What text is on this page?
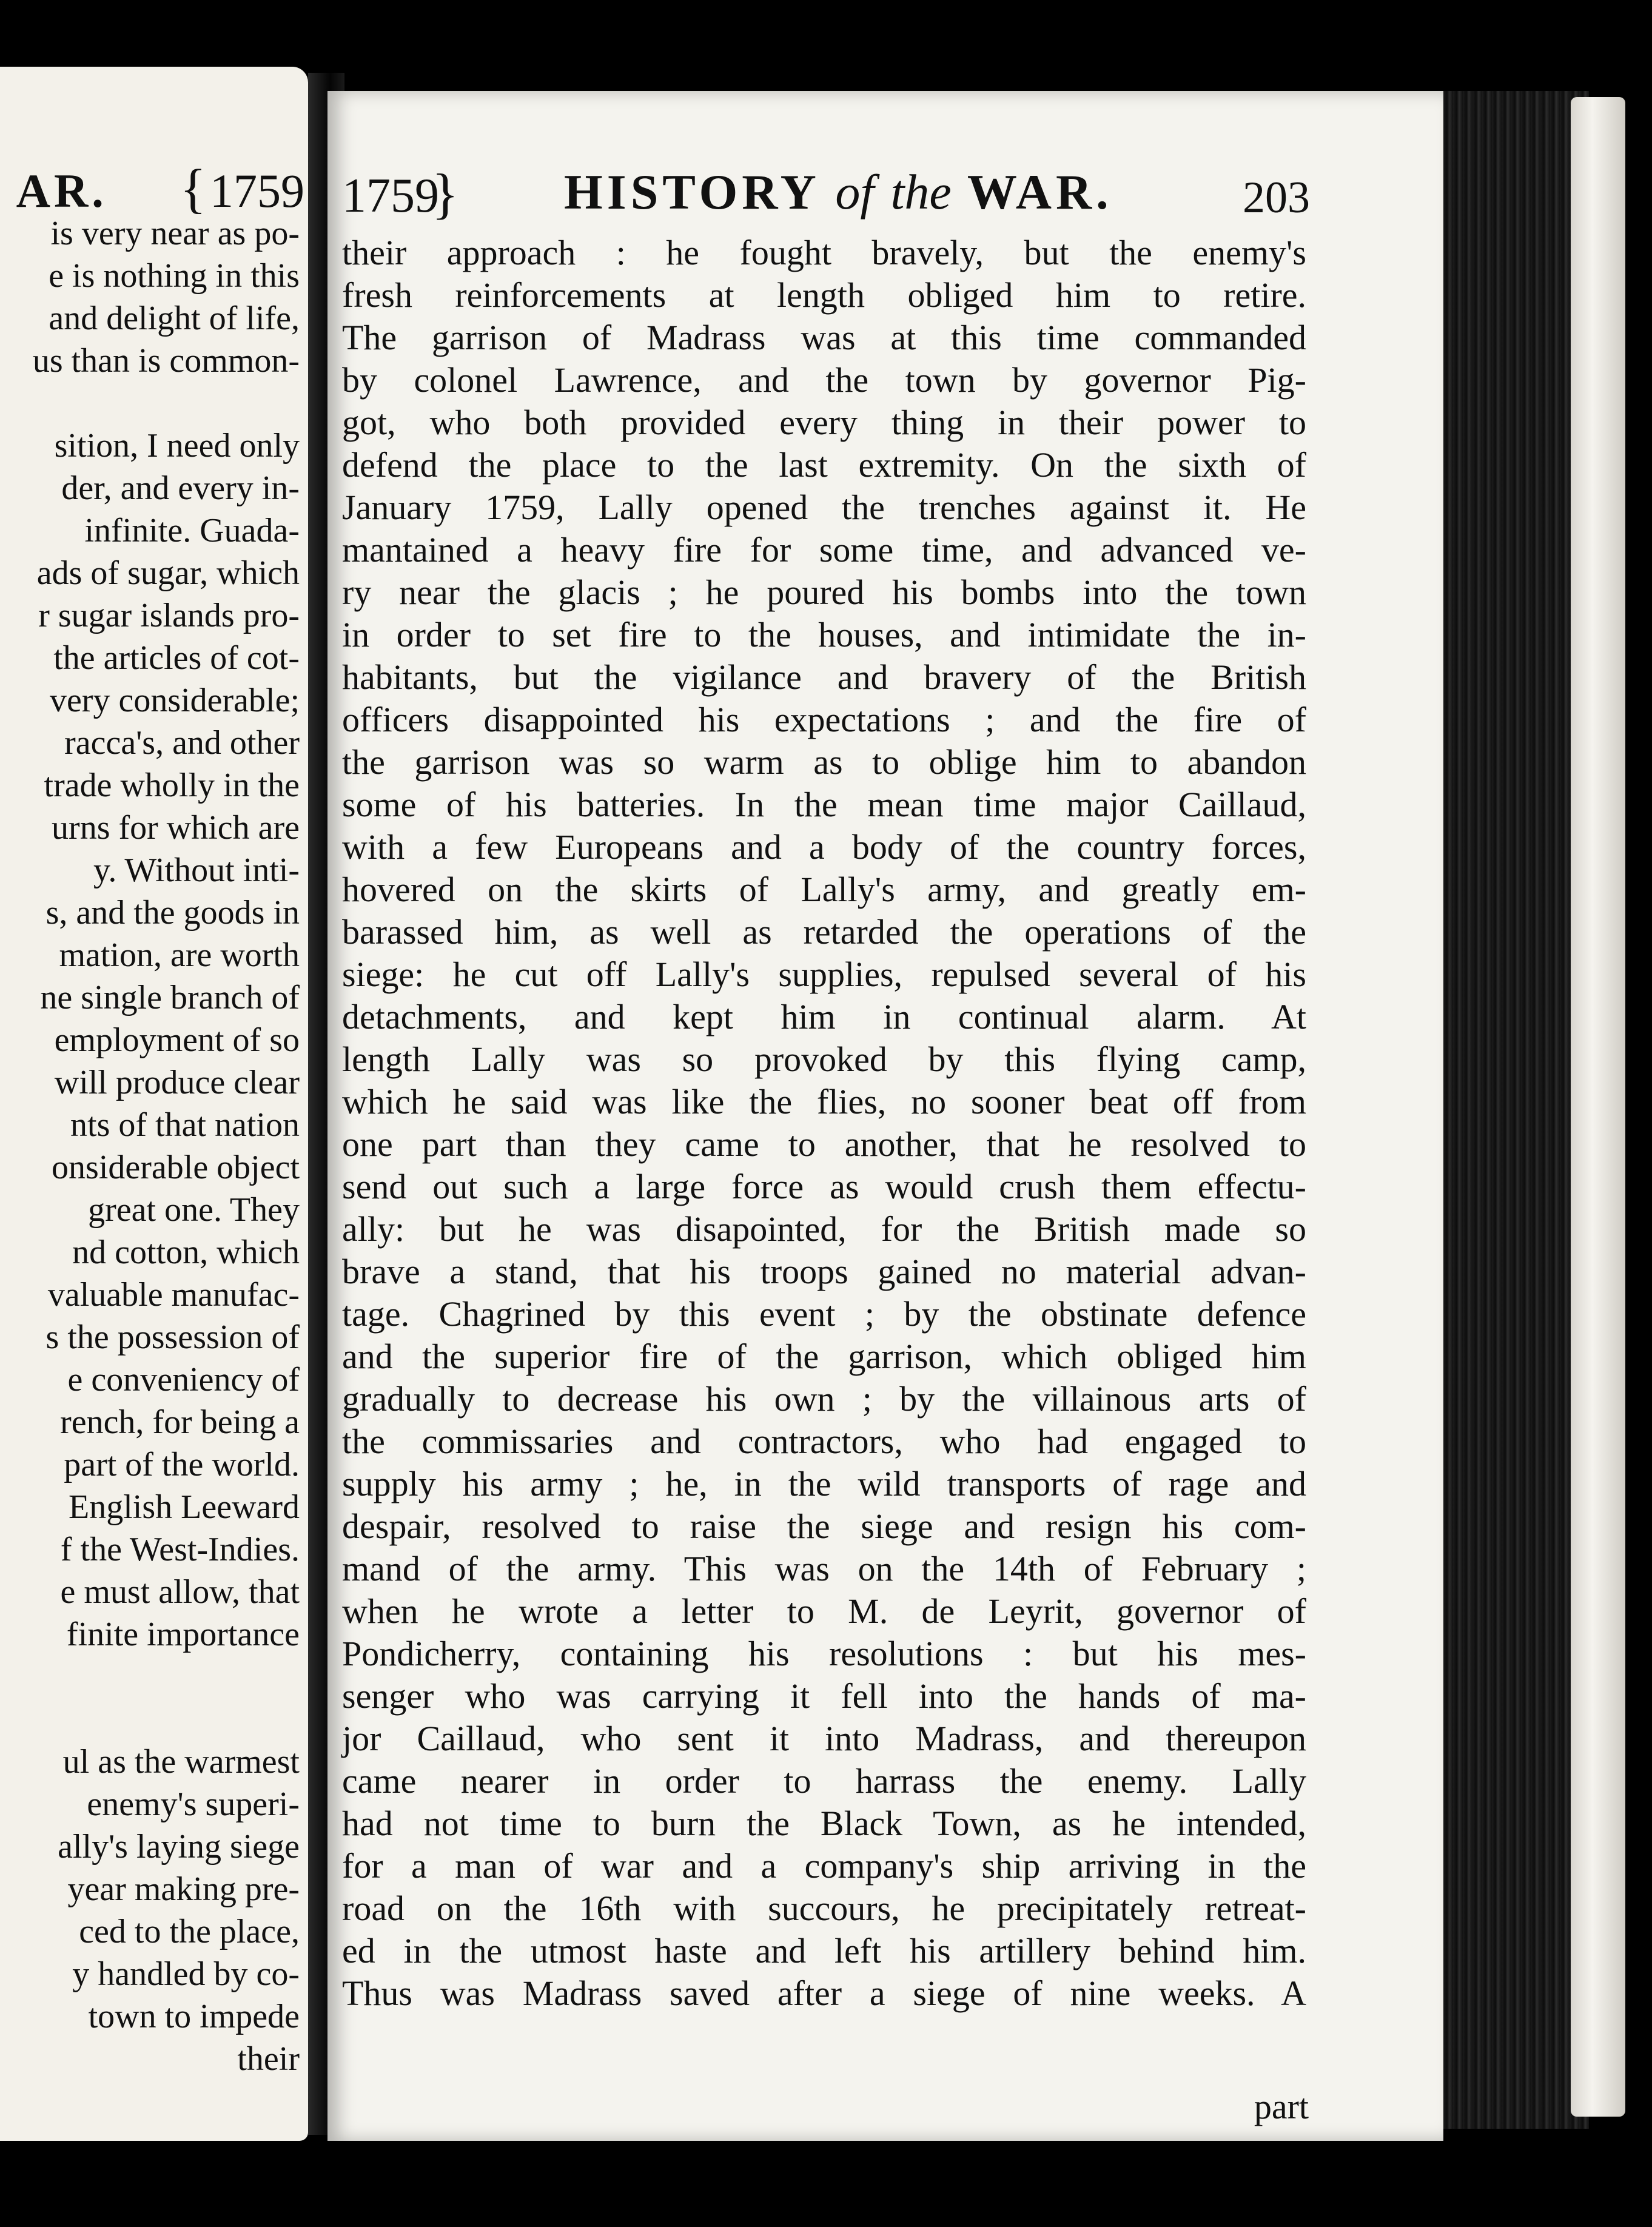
AR. {1759
is very near as po-
e is nothing in this
and delight of life,
us than is common-

sition, I need only
der, and every in-
infinite. Guada-
ads of sugar, which
r sugar islands pro-
the articles of cot-
very considerable;
racca's, and other
trade wholly in the
urns for which are
y. Without inti-
s, and the goods in
mation, are worth
ne single branch of
employment of so
will produce clear
nts of that nation
onsiderable object
great one. They
nd cotton, which
valuable manufac-
s the possession of
e conveniency of
rench, for being a
part of the world.
English Leeward
f the West-Indies.
e must allow, that
finite importance

ul as the warmest
enemy's superi-
ally's laying siege
year making pre-
ced to the place,
y handled by co-
town to impede
their
1759
} HISTORY of the WAR.	203
their approach : he fought bravely, but the enemy's
fresh reinforcements at length obliged him to retire.
The garrison of Madrass was at this time commanded
by colonel Lawrence, and the town by governor Pig-
got, who both provided every thing in their power to
defend the place to the last extremity. On the sixth of
January 1759, Lally opened the trenches against it. He
mantained a heavy fire for some time, and advanced ve-
ry near the glacis ; he poured his bombs into the town
in order to set fire to the houses, and intimidate the in-
habitants, but the vigilance and bravery of the British
officers disappointed his expectations ; and the fire of
the garrison was so warm as to oblige him to abandon
some of his batteries. In the mean time major Caillaud,
with a few Europeans and a body of the country forces,
hovered on the skirts of Lally's army, and greatly em-
barassed him, as well as retarded the operations of the
siege: he cut off Lally's supplies, repulsed several of his
detachments, and kept him in continual alarm. At
length Lally was so provoked by this flying camp,
which he said was like the flies, no sooner beat off from
one part than they came to another, that he resolved to
send out such a large force as would crush them effectu-
ally: but he was disapointed, for the British made so
brave a stand, that his troops gained no material advan-
tage. Chagrined by this event ; by the obstinate defence
and the superior fire of the garrison, which obliged him
gradually to decrease his own ; by the villainous arts of
the commissaries and contractors, who had engaged to
supply his army ; he, in the wild transports of rage and
despair, resolved to raise the siege and resign his com-
mand of the army. This was on the 14th of February ;
when he wrote a letter to M. de Leyrit, governor of
Pondicherry, containing his resolutions : but his mes-
senger who was carrying it fell into the hands of ma-
jor Caillaud, who sent it into Madrass, and thereupon
came nearer in order to harrass the enemy. Lally
had not time to burn the Black Town, as he intended,
for a man of war and a company's ship arriving in the
road on the 16th with succours, he precipitately retreat-
ed in the utmost haste and left his artillery behind him.
Thus was Madrass saved after a siege of nine weeks. A
part
